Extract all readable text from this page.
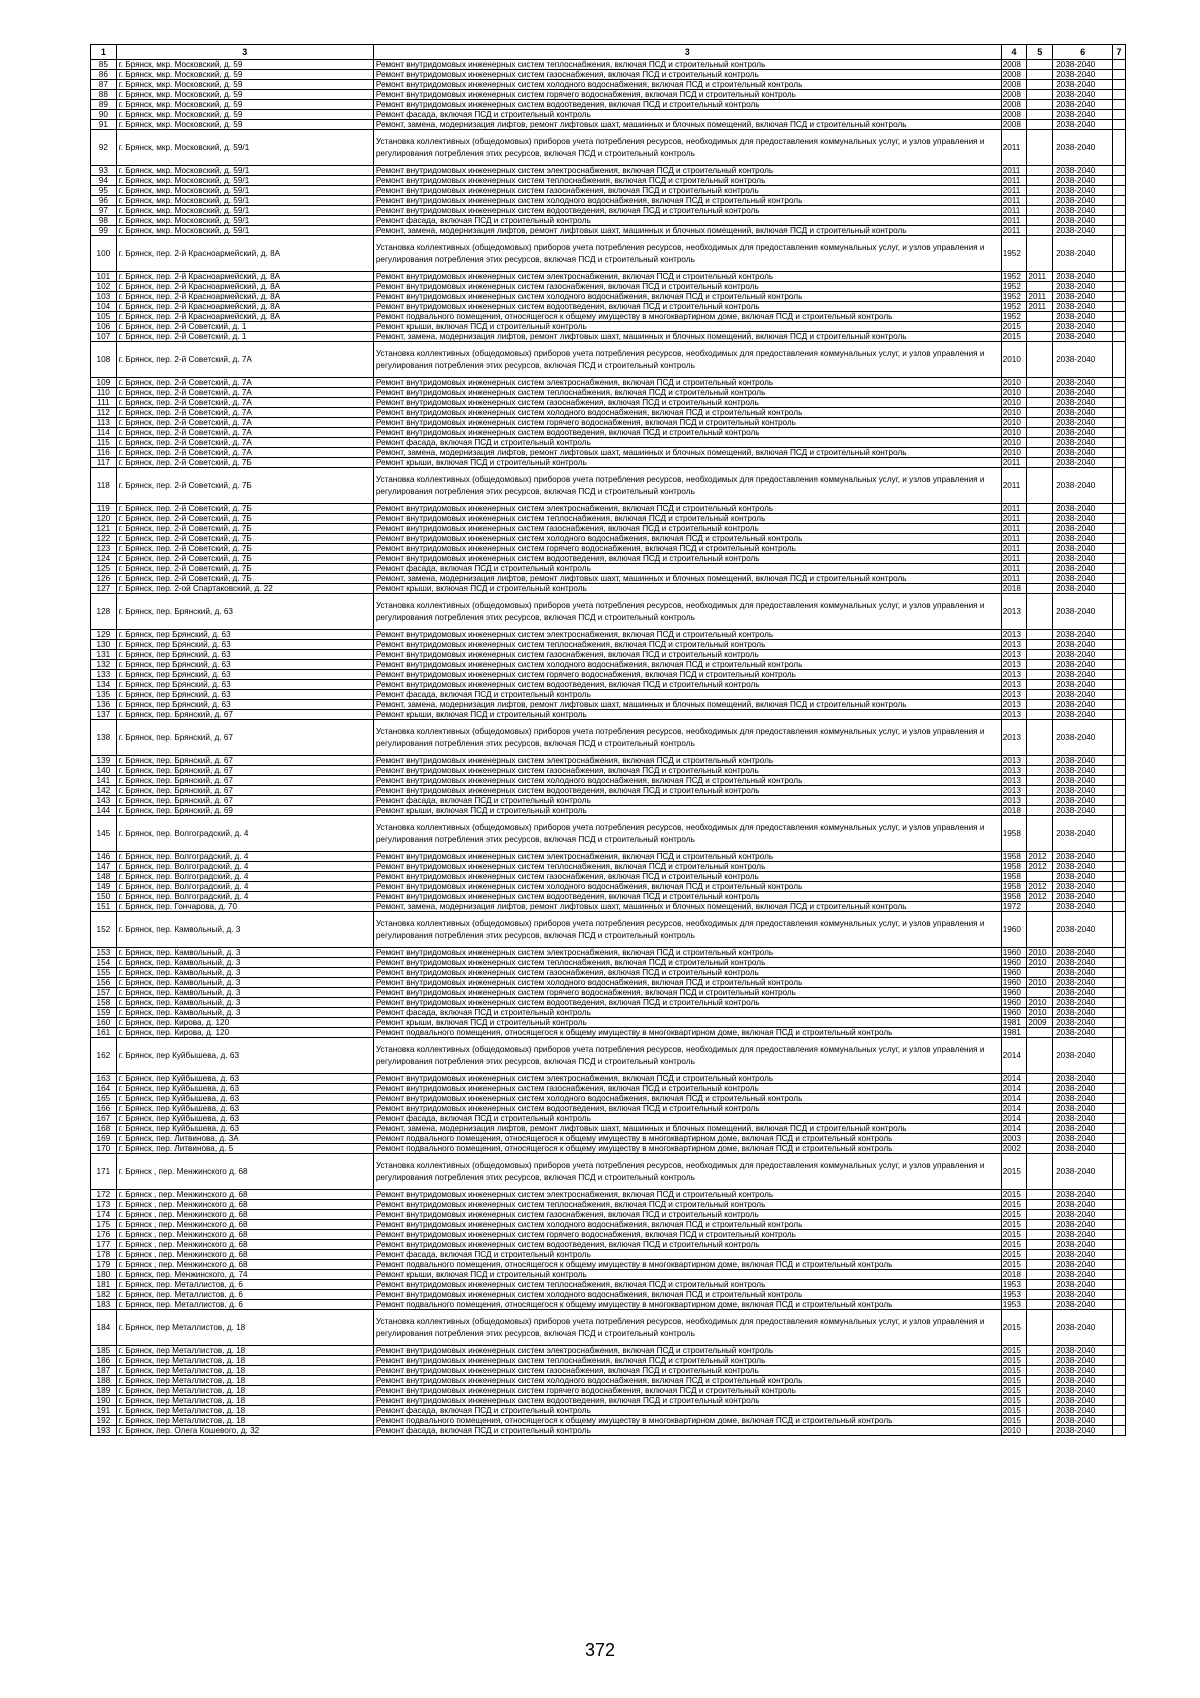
1	3	3	4	5	6	7
85	г. Брянск, мкр. Московский, д. 59	Ремонт внутридомовых инженерных систем теплоснабжения, включая ПСД и строительный контроль	2008		2038-2040	
86	г. Брянск, мкр. Московский, д. 59	Ремонт внутридомовых инженерных систем газоснабжения, включая ПСД и строительный контроль	2008		2038-2040	
87	г. Брянск, мкр. Московский, д. 59	Ремонт внутридомовых инженерных систем холодного водоснабжения, включая ПСД и строительный контроль	2008		2038-2040	
88	г. Брянск, мкр. Московский, д. 59	Ремонт внутридомовых инженерных систем горячего водоснабжения, включая ПСД и строительный контроль	2008		2038-2040	
89	г. Брянск, мкр. Московский, д. 59	Ремонт внутридомовых инженерных систем водоотведения, включая ПСД и строительный контроль	2008		2038-2040	
90	г. Брянск, мкр. Московский, д. 59	Ремонт фасада, включая ПСД и строительный контроль	2008		2038-2040	
91	г. Брянск, мкр. Московский, д. 59	Ремонт, замена, модернизация лифтов, ремонт лифтовых шахт, машинных и блочных помещений, включая ПСД и строительный контроль	2008		2038-2040	
92	г. Брянск, мкр. Московский, д. 59/1	Установка коллективных (общедомовых) приборов учета потребления ресурсов, необходимых для предоставления коммунальных услуг, и узлов управления и регулирования потребления этих ресурсов, включая ПСД и строительный контроль	2011		2038-2040	
93	г. Брянск, мкр. Московский, д. 59/1	Ремонт внутридомовых инженерных систем электроснабжения, включая ПСД и строительный контроль	2011		2038-2040	
94	г. Брянск, мкр. Московский, д. 59/1	Ремонт внутридомовых инженерных систем теплоснабжения, включая ПСД и строительный контроль	2011		2038-2040	
95	г. Брянск, мкр. Московский, д. 59/1	Ремонт внутридомовых инженерных систем газоснабжения, включая ПСД и строительный контроль	2011		2038-2040	
96	г. Брянск, мкр. Московский, д. 59/1	Ремонт внутридомовых инженерных систем холодного водоснабжения, включая ПСД и строительный контроль	2011		2038-2040	
97	г. Брянск, мкр. Московский, д. 59/1	Ремонт внутридомовых инженерных систем водоотведения, включая ПСД и строительный контроль	2011		2038-2040	
98	г. Брянск, мкр. Московский, д. 59/1	Ремонт фасада, включая ПСД и строительный контроль	2011		2038-2040	
99	г. Брянск, мкр. Московский, д. 59/1	Ремонт, замена, модернизация лифтов, ремонт лифтовых шахт, машинных и блочных помещений, включая ПСД и строительный контроль	2011		2038-2040	
100	г. Брянск, пер. 2-й Красноармейский, д. 8А	Установка коллективных (общедомовых) приборов учета потребления ресурсов, необходимых для предоставления коммунальных услуг, и узлов управления и регулирования потребления этих ресурсов, включая ПСД и строительный контроль	1952		2038-2040	
101	г. Брянск, пер. 2-й Красноармейский, д. 8А	Ремонт внутридомовых инженерных систем электроснабжения, включая ПСД и строительный контроль	1952	2011	2038-2040	
102	г. Брянск, пер. 2-й Красноармейский, д. 8А	Ремонт внутридомовых инженерных систем газоснабжения, включая ПСД и строительный контроль	1952		2038-2040	
103	г. Брянск, пер. 2-й Красноармейский, д. 8А	Ремонт внутридомовых инженерных систем холодного водоснабжения, включая ПСД и строительный контроль	1952	2011	2038-2040	
104	г. Брянск, пер. 2-й Красноармейский, д. 8А	Ремонт внутридомовых инженерных систем водоотведения, включая ПСД и строительный контроль	1952	2011	2038-2040	
105	г. Брянск, пер. 2-й Красноармейский, д. 8А	Ремонт подвального помещения, относящегося к общему имуществу в многоквартирном доме, включая ПСД и строительный контроль	1952		2038-2040	
106	г. Брянск, пер. 2-й Советский, д. 1	Ремонт крыши, включая ПСД и строительный контроль	2015		2038-2040	
107	г. Брянск, пер. 2-й Советский, д. 1	Ремонт, замена, модернизация лифтов, ремонт лифтовых шахт, машинных и блочных помещений, включая ПСД и строительный контроль	2015		2038-2040	
108	г. Брянск, пер. 2-й Советский, д. 7А	Установка коллективных (общедомовых) приборов учета потребления ресурсов, необходимых для предоставления коммунальных услуг, и узлов управления и регулирования потребления этих ресурсов, включая ПСД и строительный контроль	2010		2038-2040	
109	г. Брянск, пер. 2-й Советский, д. 7А	Ремонт внутридомовых инженерных систем электроснабжения, включая ПСД и строительный контроль	2010		2038-2040	
110	г. Брянск, пер. 2-й Советский, д. 7А	Ремонт внутридомовых инженерных систем теплоснабжения, включая ПСД и строительный контроль	2010		2038-2040	
111	г. Брянск, пер. 2-й Советский, д. 7А	Ремонт внутридомовых инженерных систем газоснабжения, включая ПСД и строительный контроль	2010		2038-2040	
112	г. Брянск, пер. 2-й Советский, д. 7А	Ремонт внутридомовых инженерных систем холодного водоснабжения, включая ПСД и строительный контроль	2010		2038-2040	
113	г. Брянск, пер. 2-й Советский, д. 7А	Ремонт внутридомовых инженерных систем горячего водоснабжения, включая ПСД и строительный контроль	2010		2038-2040	
114	г. Брянск, пер. 2-й Советский, д. 7А	Ремонт внутридомовых инженерных систем водоотведения, включая ПСД и строительный контроль	2010		2038-2040	
115	г. Брянск, пер. 2-й Советский, д. 7А	Ремонт фасада, включая ПСД и строительный контроль	2010		2038-2040	
116	г. Брянск, пер. 2-й Советский, д. 7А	Ремонт, замена, модернизация лифтов, ремонт лифтовых шахт, машинных и блочных помещений, включая ПСД и строительный контроль	2010		2038-2040	
117	г. Брянск, пер. 2-й Советский, д. 7Б	Ремонт крыши, включая ПСД и строительный контроль	2011		2038-2040	
118	г. Брянск, пер. 2-й Советский, д. 7Б	Установка коллективных (общедомовых) приборов учета потребления ресурсов, необходимых для предоставления коммунальных услуг, и узлов управления и регулирования потребления этих ресурсов, включая ПСД и строительный контроль	2011		2038-2040	
119	г. Брянск, пер. 2-й Советский, д. 7Б	Ремонт внутридомовых инженерных систем электроснабжения, включая ПСД и строительный контроль	2011		2038-2040	
120	г. Брянск, пер. 2-й Советский, д. 7Б	Ремонт внутридомовых инженерных систем теплоснабжения, включая ПСД и строительный контроль	2011		2038-2040	
121	г. Брянск, пер. 2-й Советский, д. 7Б	Ремонт внутридомовых инженерных систем газоснабжения, включая ПСД и строительный контроль	2011		2038-2040	
122	г. Брянск, пер. 2-й Советский, д. 7Б	Ремонт внутридомовых инженерных систем холодного водоснабжения, включая ПСД и строительный контроль	2011		2038-2040	
123	г. Брянск, пер. 2-й Советский, д. 7Б	Ремонт внутридомовых инженерных систем горячего водоснабжения, включая ПСД и строительный контроль	2011		2038-2040	
124	г. Брянск, пер. 2-й Советский, д. 7Б	Ремонт внутридомовых инженерных систем водоотведения, включая ПСД и строительный контроль	2011		2038-2040	
125	г. Брянск, пер. 2-й Советский, д. 7Б	Ремонт фасада, включая ПСД и строительный контроль	2011		2038-2040	
126	г. Брянск, пер. 2-й Советский, д. 7Б	Ремонт, замена, модернизация лифтов, ремонт лифтовых шахт, машинных и блочных помещений, включая ПСД и строительный контроль	2011		2038-2040	
127	г. Брянск, пер. 2-ой Спартаковский, д. 22	Ремонт крыши, включая ПСД и строительный контроль	2018		2038-2040	
128	г. Брянск, пер. Брянский, д. 63	Установка коллективных (общедомовых) приборов учета потребления ресурсов, необходимых для предоставления коммунальных услуг, и узлов управления и регулирования потребления этих ресурсов, включая ПСД и строительный контроль	2013		2038-2040	
129	г. Брянск, пер Брянский, д. 63	Ремонт внутридомовых инженерных систем электроснабжения, включая ПСД и строительный контроль	2013		2038-2040	
130	г. Брянск, пер Брянский, д. 63	Ремонт внутридомовых инженерных систем теплоснабжения, включая ПСД и строительный контроль	2013		2038-2040	
131	г. Брянск, пер Брянский, д. 63	Ремонт внутридомовых инженерных систем газоснабжения, включая ПСД и строительный контроль	2013		2038-2040	
132	г. Брянск, пер Брянский, д. 63	Ремонт внутридомовых инженерных систем холодного водоснабжения, включая ПСД и строительный контроль	2013		2038-2040	
133	г. Брянск, пер Брянский, д. 63	Ремонт внутридомовых инженерных систем горячего водоснабжения, включая ПСД и строительный контроль	2013		2038-2040	
134	г. Брянск, пер Брянский, д. 63	Ремонт внутридомовых инженерных систем водоотведения, включая ПСД и строительный контроль	2013		2038-2040	
135	г. Брянск, пер Брянский, д. 63	Ремонт фасада, включая ПСД и строительный контроль	2013		2038-2040	
136	г. Брянск, пер Брянский, д. 63	Ремонт, замена, модернизация лифтов, ремонт лифтовых шахт, машинных и блочных помещений, включая ПСД и строительный контроль	2013		2038-2040	
137	г. Брянск, пер. Брянский, д. 67	Ремонт крыши, включая ПСД и строительный контроль	2013		2038-2040	
138	г. Брянск, пер. Брянский, д. 67	Установка коллективных (общедомовых) приборов учета потребления ресурсов, необходимых для предоставления коммунальных услуг, и узлов управления и регулирования потребления этих ресурсов, включая ПСД и строительный контроль	2013		2038-2040	
139	г. Брянск, пер. Брянский, д. 67	Ремонт внутридомовых инженерных систем электроснабжения, включая ПСД и строительный контроль	2013		2038-2040	
140	г. Брянск, пер. Брянский, д. 67	Ремонт внутридомовых инженерных систем газоснабжения, включая ПСД и строительный контроль	2013		2038-2040	
141	г. Брянск, пер. Брянский, д. 67	Ремонт внутридомовых инженерных систем холодного водоснабжения, включая ПСД и строительный контроль	2013		2038-2040	
142	г. Брянск, пер. Брянский, д. 67	Ремонт внутридомовых инженерных систем водоотведения, включая ПСД и строительный контроль	2013		2038-2040	
143	г. Брянск, пер. Брянский, д. 67	Ремонт фасада, включая ПСД и строительный контроль	2013		2038-2040	
144	г. Брянск, пер. Брянский, д. 69	Ремонт крыши, включая ПСД и строительный контроль	2018		2038-2040	
145	г. Брянск, пер. Волгоградский, д. 4	Установка коллективных (общедомовых) приборов учета потребления ресурсов, необходимых для предоставления коммунальных услуг, и узлов управления и регулирования потребления этих ресурсов, включая ПСД и строительный контроль	1958		2038-2040	
146	г. Брянск, пер. Волгоградский, д. 4	Ремонт внутридомовых инженерных систем электроснабжения, включая ПСД и строительный контроль	1958	2012	2038-2040	
147	г. Брянск, пер. Волгоградский, д. 4	Ремонт внутридомовых инженерных систем теплоснабжения, включая ПСД и строительный контроль	1958	2012	2038-2040	
148	г. Брянск, пер. Волгоградский, д. 4	Ремонт внутридомовых инженерных систем газоснабжения, включая ПСД и строительный контроль	1958		2038-2040	
149	г. Брянск, пер. Волгоградский, д. 4	Ремонт внутридомовых инженерных систем холодного водоснабжения, включая ПСД и строительный контроль	1958	2012	2038-2040	
150	г. Брянск, пер. Волгоградский, д. 4	Ремонт внутридомовых инженерных систем водоотведения, включая ПСД и строительный контроль	1958	2012	2038-2040	
151	г. Брянск, пер. Гончарова, д. 70	Ремонт, замена, модернизация лифтов, ремонт лифтовых шахт, машинных и блочных помещений, включая ПСД и строительный контроль	1972		2038-2040	
152	г. Брянск, пер. Камвольный, д. 3	Установка коллективных (общедомовых) приборов учета потребления ресурсов, необходимых для предоставления коммунальных услуг, и узлов управления и регулирования потребления этих ресурсов, включая ПСД и строительный контроль	1960		2038-2040	
153	г. Брянск, пер. Камвольный, д. 3	Ремонт внутридомовых инженерных систем электроснабжения, включая ПСД и строительный контроль	1960	2010	2038-2040	
154	г. Брянск, пер. Камвольный, д. 3	Ремонт внутридомовых инженерных систем теплоснабжения, включая ПСД и строительный контроль	1960	2010	2038-2040	
155	г. Брянск, пер. Камвольный, д. 3	Ремонт внутридомовых инженерных систем газоснабжения, включая ПСД и строительный контроль	1960		2038-2040	
156	г. Брянск, пер. Камвольный, д. 3	Ремонт внутридомовых инженерных систем холодного водоснабжения, включая ПСД и строительный контроль	1960	2010	2038-2040	
157	г. Брянск, пер. Камвольный, д. 3	Ремонт внутридомовых инженерных систем горячего водоснабжения, включая ПСД и строительный контроль	1960		2038-2040	
158	г. Брянск, пер. Камвольный, д. 3	Ремонт внутридомовых инженерных систем водоотведения, включая ПСД и строительный контроль	1960	2010	2038-2040	
159	г. Брянск, пер. Камвольный, д. 3	Ремонт фасада, включая ПСД и строительный контроль	1960	2010	2038-2040	
160	г. Брянск, пер. Кирова, д. 120	Ремонт крыши, включая ПСД и строительный контроль	1981	2009	2038-2040	
161	г. Брянск, пер. Кирова, д. 120	Ремонт подвального помещения, относящегося к общему имуществу в многоквартирном доме, включая ПСД и строительный контроль	1981		2038-2040	
162	г. Брянск, пер Куйбышева, д. 63	Установка коллективных (общедомовых) приборов учета потребления ресурсов, необходимых для предоставления коммунальных услуг, и узлов управления и регулирования потребления этих ресурсов, включая ПСД и строительный контроль	2014		2038-2040	
163	г. Брянск, пер Куйбышева, д. 63	Ремонт внутридомовых инженерных систем электроснабжения, включая ПСД и строительный контроль	2014		2038-2040	
164	г. Брянск, пер Куйбышева, д. 63	Ремонт внутридомовых инженерных систем газоснабжения, включая ПСД и строительный контроль	2014		2038-2040	
165	г. Брянск, пер Куйбышева, д. 63	Ремонт внутридомовых инженерных систем холодного водоснабжения, включая ПСД и строительный контроль	2014		2038-2040	
166	г. Брянск, пер Куйбышева, д. 63	Ремонт внутридомовых инженерных систем водоотведения, включая ПСД и строительный контроль	2014		2038-2040	
167	г. Брянск, пер Куйбышева, д. 63	Ремонт фасада, включая ПСД и строительный контроль	2014		2038-2040	
168	г. Брянск, пер Куйбышева, д. 63	Ремонт, замена, модернизация лифтов, ремонт лифтовых шахт, машинных и блочных помещений, включая ПСД и строительный контроль	2014		2038-2040	
169	г. Брянск, пер. Литвинова, д. 3А	Ремонт подвального помещения, относящегося к общему имуществу в многоквартирном доме, включая ПСД и строительный контроль	2003		2038-2040	
170	г. Брянск, пер. Литвинова, д. 5	Ремонт подвального помещения, относящегося к общему имуществу в многоквартирном доме, включая ПСД и строительный контроль	2002		2038-2040	
171	г. Брянск , пер. Менжинского д. 68	Установка коллективных (общедомовых) приборов учета потребления ресурсов, необходимых для предоставления коммунальных услуг, и узлов управления и регулирования потребления этих ресурсов, включая ПСД и строительный контроль	2015		2038-2040	
172	г. Брянск , пер. Менжинского д. 68	Ремонт внутридомовых инженерных систем электроснабжения, включая ПСД и строительный контроль	2015		2038-2040	
173	г. Брянск , пер. Менжинского д. 68	Ремонт внутридомовых инженерных систем теплоснабжения, включая ПСД и строительный контроль	2015		2038-2040	
174	г. Брянск , пер. Менжинского д. 68	Ремонт внутридомовых инженерных систем газоснабжения, включая ПСД и строительный контроль	2015		2038-2040	
175	г. Брянск , пер. Менжинского д. 68	Ремонт внутридомовых инженерных систем холодного водоснабжения, включая ПСД и строительный контроль	2015		2038-2040	
176	г. Брянск , пер. Менжинского д. 68	Ремонт внутридомовых инженерных систем горячего водоснабжения, включая ПСД и строительный контроль	2015		2038-2040	
177	г. Брянск , пер. Менжинского д. 68	Ремонт внутридомовых инженерных систем водоотведения, включая ПСД и строительный контроль	2015		2038-2040	
178	г. Брянск , пер. Менжинского д. 68	Ремонт фасада, включая ПСД и строительный контроль	2015		2038-2040	
179	г. Брянск , пер. Менжинского д. 68	Ремонт подвального помещения, относящегося к общему имуществу в многоквартирном доме, включая ПСД и строительный контроль	2015		2038-2040	
180	г. Брянск, пер. Менжинского, д. 74	Ремонт крыши, включая ПСД и строительный контроль	2018		2038-2040	
181	г. Брянск, пер. Металлистов, д. 6	Ремонт внутридомовых инженерных систем теплоснабжения, включая ПСД и строительный контроль	1953		2038-2040	
182	г. Брянск, пер. Металлистов, д. 6	Ремонт внутридомовых инженерных систем холодного водоснабжения, включая ПСД и строительный контроль	1953		2038-2040	
183	г. Брянск, пер. Металлистов, д. 6	Ремонт подвального помещения, относящегося к общему имуществу в многоквартирном доме, включая ПСД и строительный контроль	1953		2038-2040	
184	г. Брянск, пер Металлистов, д. 18	Установка коллективных (общедомовых) приборов учета потребления ресурсов, необходимых для предоставления коммунальных услуг, и узлов управления и регулирования потребления этих ресурсов, включая ПСД и строительный контроль	2015		2038-2040	
185	г. Брянск, пер Металлистов, д. 18	Ремонт внутридомовых инженерных систем электроснабжения, включая ПСД и строительный контроль	2015		2038-2040	
186	г. Брянск, пер Металлистов, д. 18	Ремонт внутридомовых инженерных систем теплоснабжения, включая ПСД и строительный контроль	2015		2038-2040	
187	г. Брянск, пер Металлистов, д. 18	Ремонт внутридомовых инженерных систем газоснабжения, включая ПСД и строительный контроль	2015		2038-2040	
188	г. Брянск, пер Металлистов, д. 18	Ремонт внутридомовых инженерных систем холодного водоснабжения, включая ПСД и строительный контроль	2015		2038-2040	
189	г. Брянск, пер Металлистов, д. 18	Ремонт внутридомовых инженерных систем горячего водоснабжения, включая ПСД и строительный контроль	2015		2038-2040	
190	г. Брянск, пер Металлистов, д. 18	Ремонт внутридомовых инженерных систем водоотведения, включая ПСД и строительный контроль	2015		2038-2040	
191	г. Брянск, пер Металлистов, д. 18	Ремонт фасада, включая ПСД и строительный контроль	2015		2038-2040	
192	г. Брянск, пер Металлистов, д. 18	Ремонт подвального помещения, относящегося к общему имуществу в многоквартирном доме, включая ПСД и строительный контроль	2015		2038-2040	
193	г. Брянск, пер. Олега Кошевого, д. 32	Ремонт фасада, включая ПСД и строительный контроль	2010		2038-2040	
372
